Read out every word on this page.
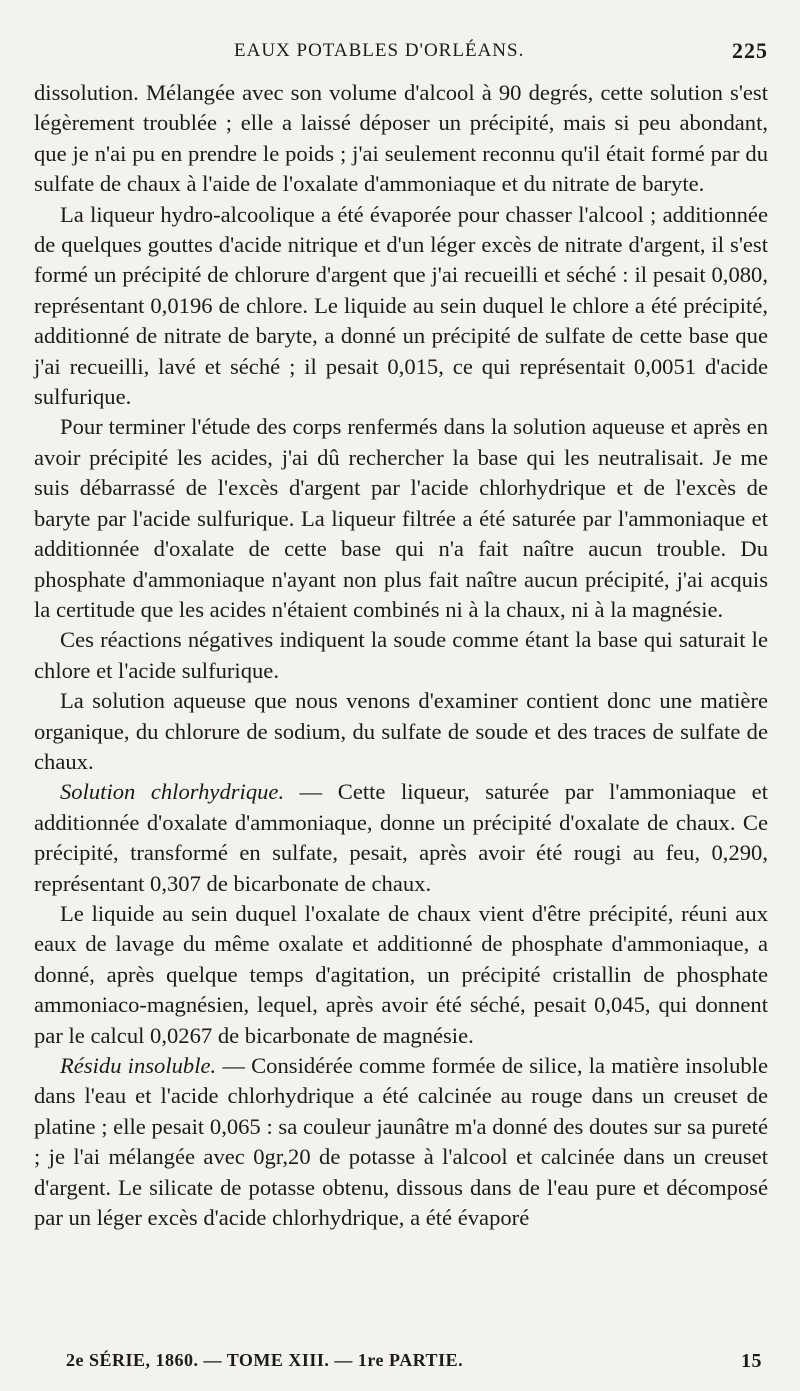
EAUX POTABLES D'ORLÉANS.	225

dissolution. Mélangée avec son volume d'alcool à 90 degrés, cette solution s'est légèrement troublée ; elle a laissé déposer un précipité, mais si peu abondant, que je n'ai pu en prendre le poids ; j'ai seulement reconnu qu'il était formé par du sulfate de chaux à l'aide de l'oxalate d'ammoniaque et du nitrate de baryte.

La liqueur hydro-alcoolique a été évaporée pour chasser l'alcool ; additionnée de quelques gouttes d'acide nitrique et d'un léger excès de nitrate d'argent, il s'est formé un précipité de chlorure d'argent que j'ai recueilli et séché : il pesait 0,080, représentant 0,0196 de chlore. Le liquide au sein duquel le chlore a été précipité, additionné de nitrate de baryte, a donné un précipité de sulfate de cette base que j'ai recueilli, lavé et séché ; il pesait 0,015, ce qui représentait 0,0051 d'acide sulfurique.

Pour terminer l'étude des corps renfermés dans la solution aqueuse et après en avoir précipité les acides, j'ai dû rechercher la base qui les neutralisait. Je me suis débarrassé de l'excès d'argent par l'acide chlorhydrique et de l'excès de baryte par l'acide sulfurique. La liqueur filtrée a été saturée par l'ammoniaque et additionnée d'oxalate de cette base qui n'a fait naître aucun trouble. Du phosphate d'ammoniaque n'ayant non plus fait naître aucun précipité, j'ai acquis la certitude que les acides n'étaient combinés ni à la chaux, ni à la magnésie.

Ces réactions négatives indiquent la soude comme étant la base qui saturait le chlore et l'acide sulfurique.

La solution aqueuse que nous venons d'examiner contient donc une matière organique, du chlorure de sodium, du sulfate de soude et des traces de sulfate de chaux.

Solution chlorhydrique. — Cette liqueur, saturée par l'ammoniaque et additionnée d'oxalate d'ammoniaque, donne un précipité d'oxalate de chaux. Ce précipité, transformé en sulfate, pesait, après avoir été rougi au feu, 0,290, représentant 0,307 de bicarbonate de chaux.

Le liquide au sein duquel l'oxalate de chaux vient d'être précipité, réuni aux eaux de lavage du même oxalate et additionné de phosphate d'ammoniaque, a donné, après quelque temps d'agitation, un précipité cristallin de phosphate ammoniaco-magnésien, lequel, après avoir été séché, pesait 0,045, qui donnent par le calcul 0,0267 de bicarbonate de magnésie.

Résidu insoluble. — Considérée comme formée de silice, la matière insoluble dans l'eau et l'acide chlorhydrique a été calcinée au rouge dans un creuset de platine ; elle pesait 0,065 : sa couleur jaunâtre m'a donné des doutes sur sa pureté ; je l'ai mélangée avec 0gr,20 de potasse à l'alcool et calcinée dans un creuset d'argent. Le silicate de potasse obtenu, dissous dans de l'eau pure et décomposé par un léger excès d'acide chlorhydrique, a été évaporé

2e SÉRIE, 1860. — TOME XIII. — 1re PARTIE.	15
